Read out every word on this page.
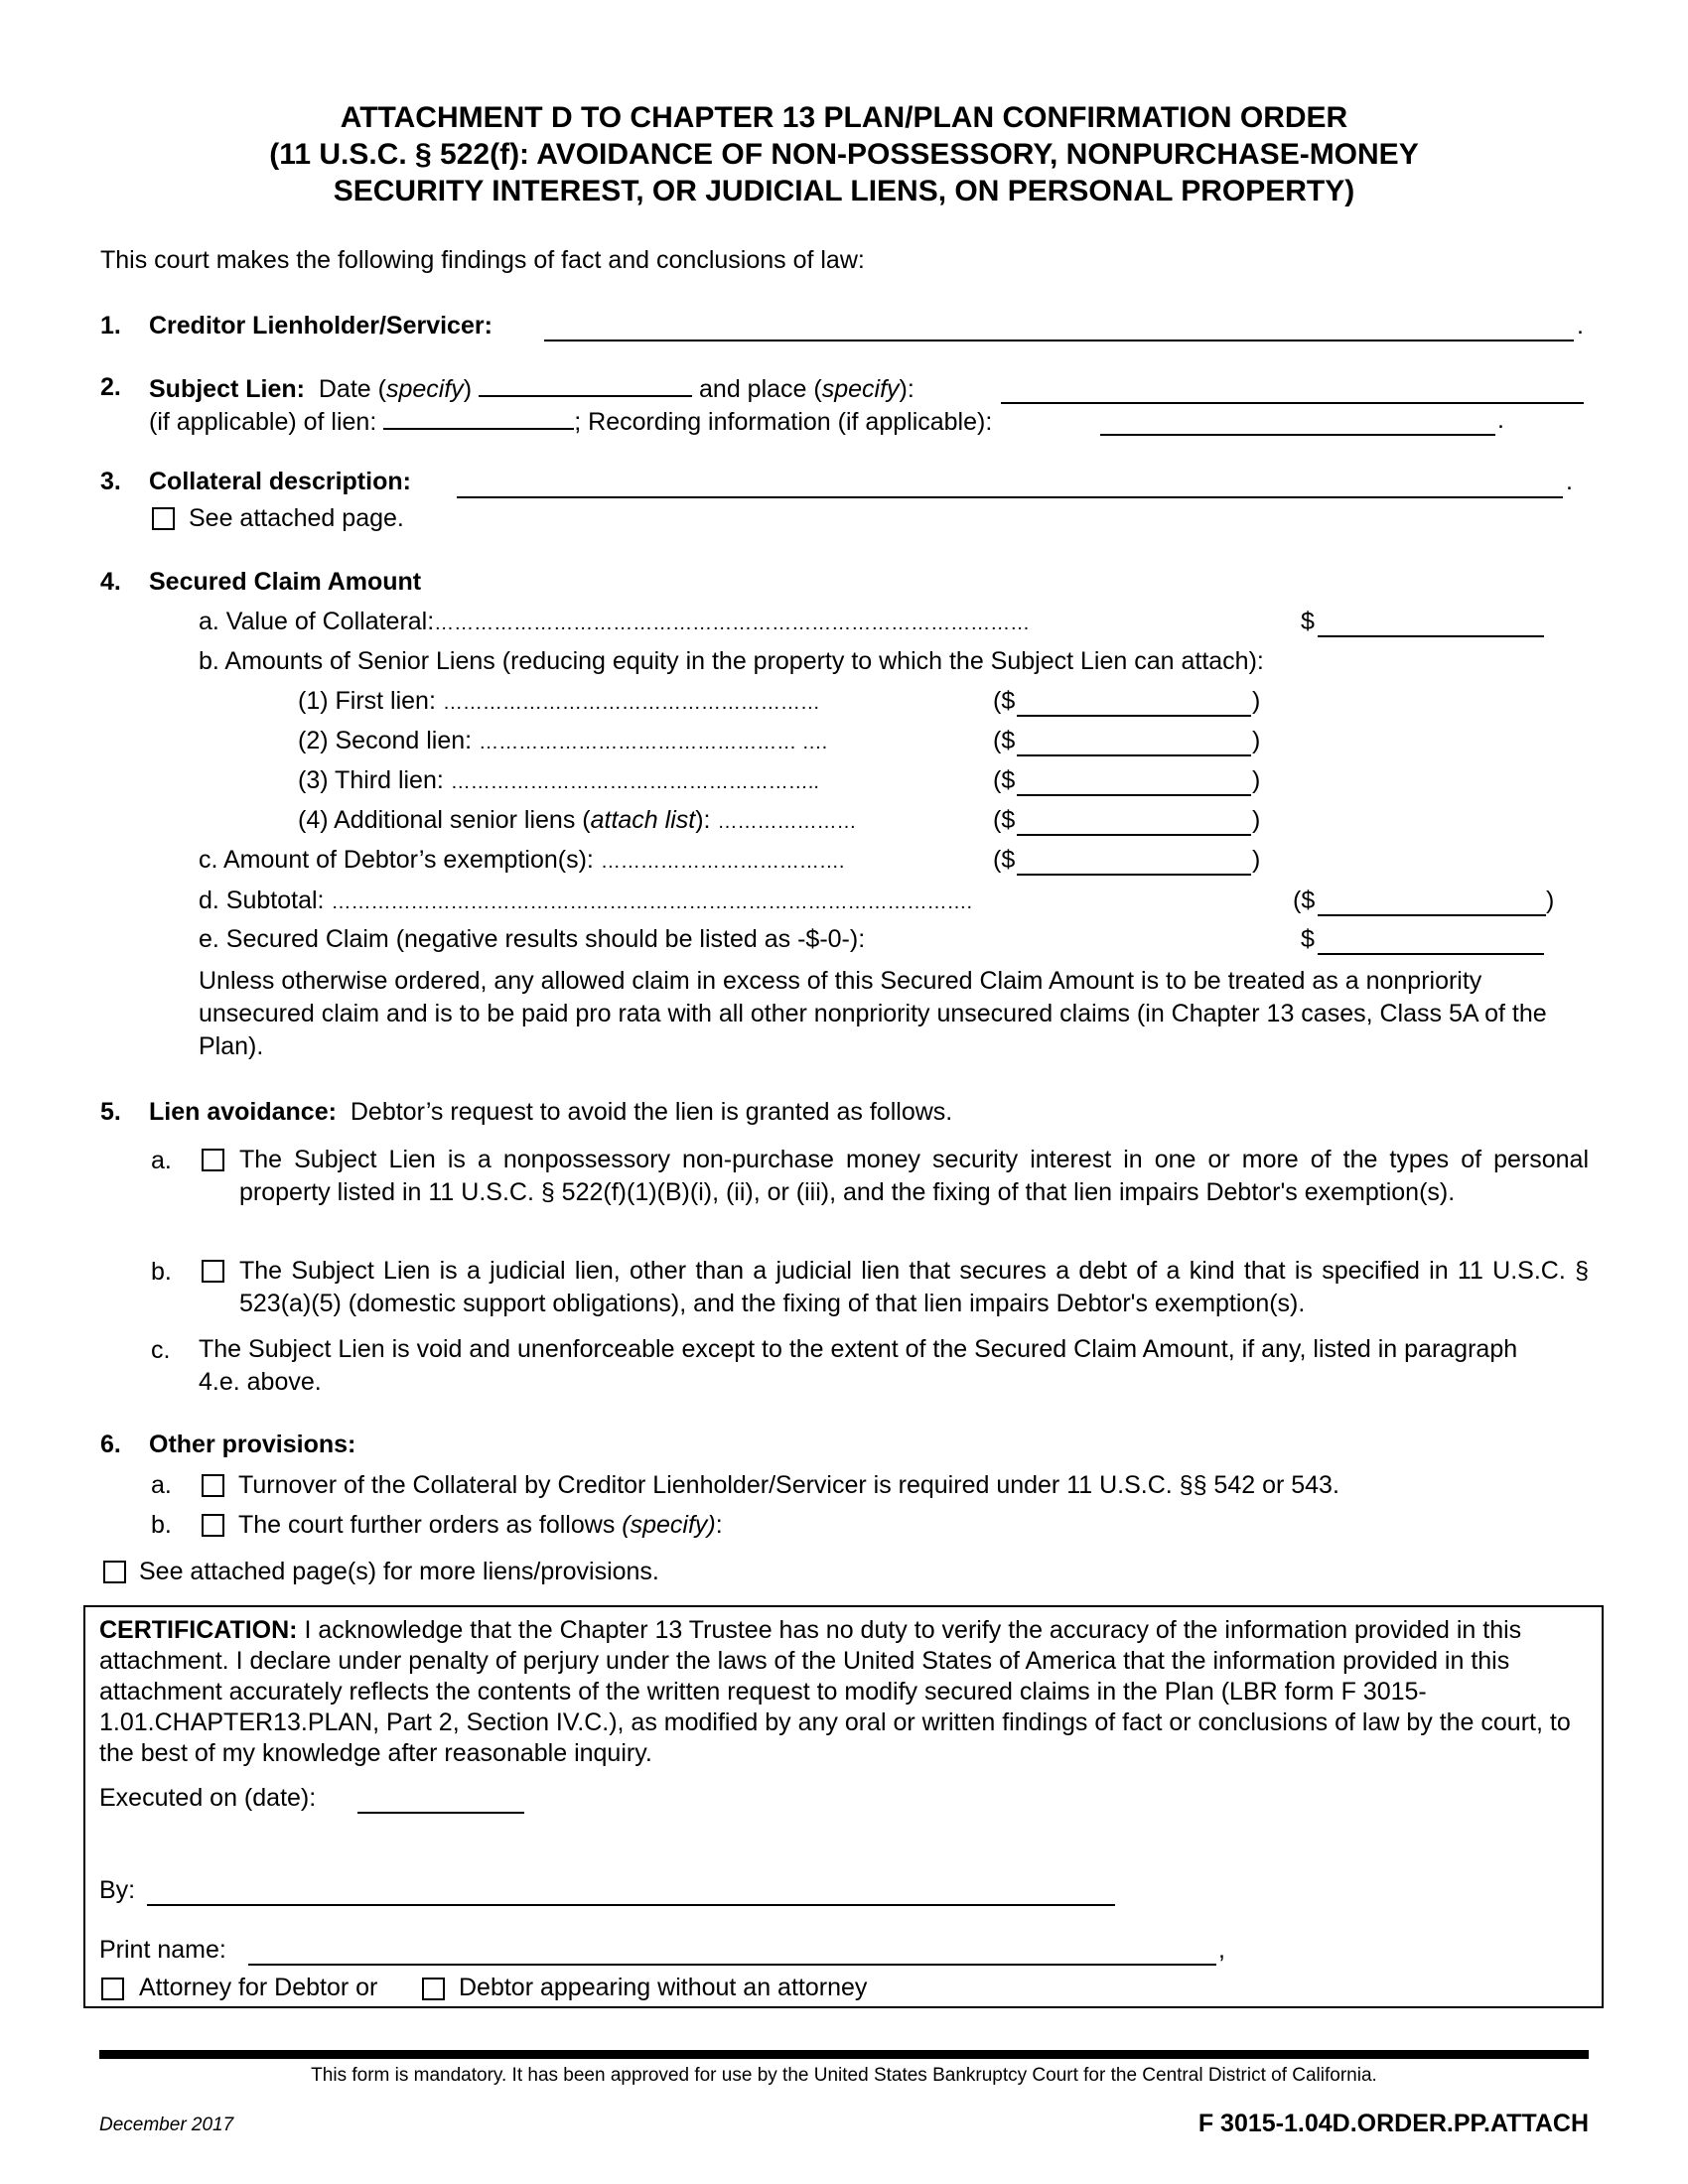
ATTACHMENT D TO CHAPTER 13 PLAN/PLAN CONFIRMATION ORDER
(11 U.S.C. § 522(f): AVOIDANCE OF NON-POSSESSORY, NONPURCHASE-MONEY
SECURITY INTEREST, OR JUDICIAL LIENS, ON PERSONAL PROPERTY)
This court makes the following findings of fact and conclusions of law:
1. Creditor Lienholder/Servicer:	.
2. Subject Lien: Date (specify)	and place (specify):
(if applicable) of lien:	; Recording information (if applicable):	.
3. Collateral description:	.
See attached page.
4. Secured Claim Amount
a. Value of Collateral:………………………………………………………………………………	$
b. Amounts of Senior Liens (reducing equity in the property to which the Subject Lien can attach):
(1) First lien: …………………………………………………	($	)
(2) Second lien: ………………………………………… ….	($	)
(3) Third lien: ………………………………………………..	($	)
(4) Additional senior liens (attach list): …………………	($	)
c. Amount of Debtor’s exemption(s): ……………………………….	($	)
d. Subtotal: …………………………………………………………………………………….	($	)
e. Secured Claim (negative results should be listed as -$-0-):	$
Unless otherwise ordered, any allowed claim in excess of this Secured Claim Amount is to be treated as a nonpriority unsecured claim and is to be paid pro rata with all other nonpriority unsecured claims (in Chapter 13 cases, Class 5A of the Plan).
5. Lien avoidance: Debtor’s request to avoid the lien is granted as follows.
a.	The Subject Lien is a nonpossessory non-purchase money security interest in one or more of the types of personal property listed in 11 U.S.C. § 522(f)(1)(B)(i), (ii), or (iii), and the fixing of that lien impairs Debtor's exemption(s).
b.	The Subject Lien is a judicial lien, other than a judicial lien that secures a debt of a kind that is specified in 11 U.S.C. § 523(a)(5) (domestic support obligations), and the fixing of that lien impairs Debtor's exemption(s).
c. The Subject Lien is void and unenforceable except to the extent of the Secured Claim Amount, if any, listed in paragraph 4.e. above.
6. Other provisions:
a.	Turnover of the Collateral by Creditor Lienholder/Servicer is required under 11 U.S.C. §§ 542 or 543.
b.	The court further orders as follows (specify):
See attached page(s) for more liens/provisions.
CERTIFICATION: I acknowledge that the Chapter 13 Trustee has no duty to verify the accuracy of the information provided in this attachment. I declare under penalty of perjury under the laws of the United States of America that the information provided in this attachment accurately reflects the contents of the written request to modify secured claims in the Plan (LBR form F 3015-1.01.CHAPTER13.PLAN, Part 2, Section IV.C.), as modified by any oral or written findings of fact or conclusions of law by the court, to the best of my knowledge after reasonable inquiry.
Executed on (date):
By:
Print name:	,
Attorney for Debtor or	Debtor appearing without an attorney
This form is mandatory. It has been approved for use by the United States Bankruptcy Court for the Central District of California.
December 2017	F 3015-1.04D.ORDER.PP.ATTACH
